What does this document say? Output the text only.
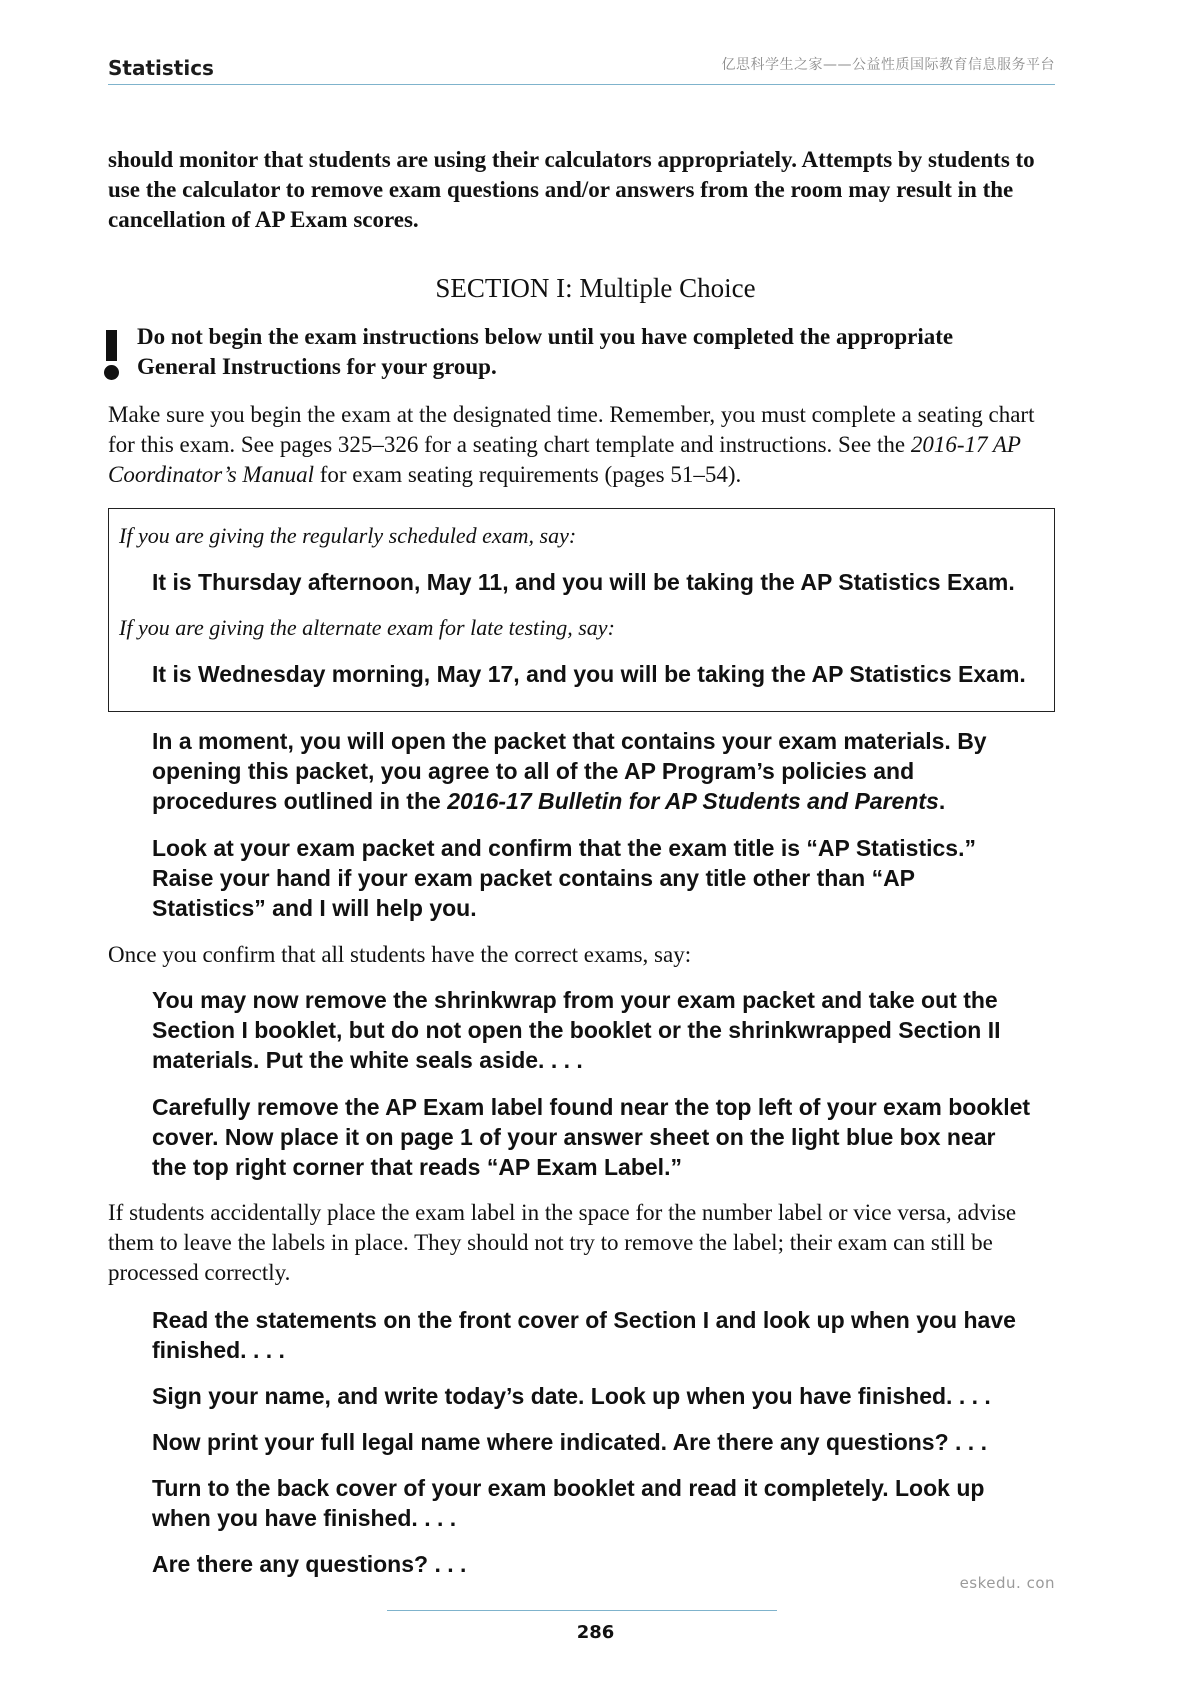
Statistics	亿思科学生之家——公益性质国际教育信息服务平台

should monitor that students are using their calculators appropriately. Attempts by students to use the calculator to remove exam questions and/or answers from the room may result in the cancellation of AP Exam scores.

SECTION I: Multiple Choice

Do not begin the exam instructions below until you have completed the appropriate General Instructions for your group.

Make sure you begin the exam at the designated time. Remember, you must complete a seating chart for this exam. See pages 325–326 for a seating chart template and instructions. See the 2016-17 AP Coordinator’s Manual for exam seating requirements (pages 51–54).

If you are giving the regularly scheduled exam, say:

It is Thursday afternoon, May 11, and you will be taking the AP Statistics Exam.

If you are giving the alternate exam for late testing, say:

It is Wednesday morning, May 17, and you will be taking the AP Statistics Exam.

In a moment, you will open the packet that contains your exam materials. By opening this packet, you agree to all of the AP Program’s policies and procedures outlined in the 2016-17 Bulletin for AP Students and Parents.

Look at your exam packet and confirm that the exam title is “AP Statistics.” Raise your hand if your exam packet contains any title other than “AP Statistics” and I will help you.

Once you confirm that all students have the correct exams, say:

You may now remove the shrinkwrap from your exam packet and take out the Section I booklet, but do not open the booklet or the shrinkwrapped Section II materials. Put the white seals aside. . . .

Carefully remove the AP Exam label found near the top left of your exam booklet cover. Now place it on page 1 of your answer sheet on the light blue box near the top right corner that reads “AP Exam Label.”

If students accidentally place the exam label in the space for the number label or vice versa, advise them to leave the labels in place. They should not try to remove the label; their exam can still be processed correctly.

Read the statements on the front cover of Section I and look up when you have finished. . . .

Sign your name, and write today’s date. Look up when you have finished. . . .

Now print your full legal name where indicated. Are there any questions? . . .

Turn to the back cover of your exam booklet and read it completely. Look up when you have finished. . . .

Are there any questions? . . .

eskedu. con
286
